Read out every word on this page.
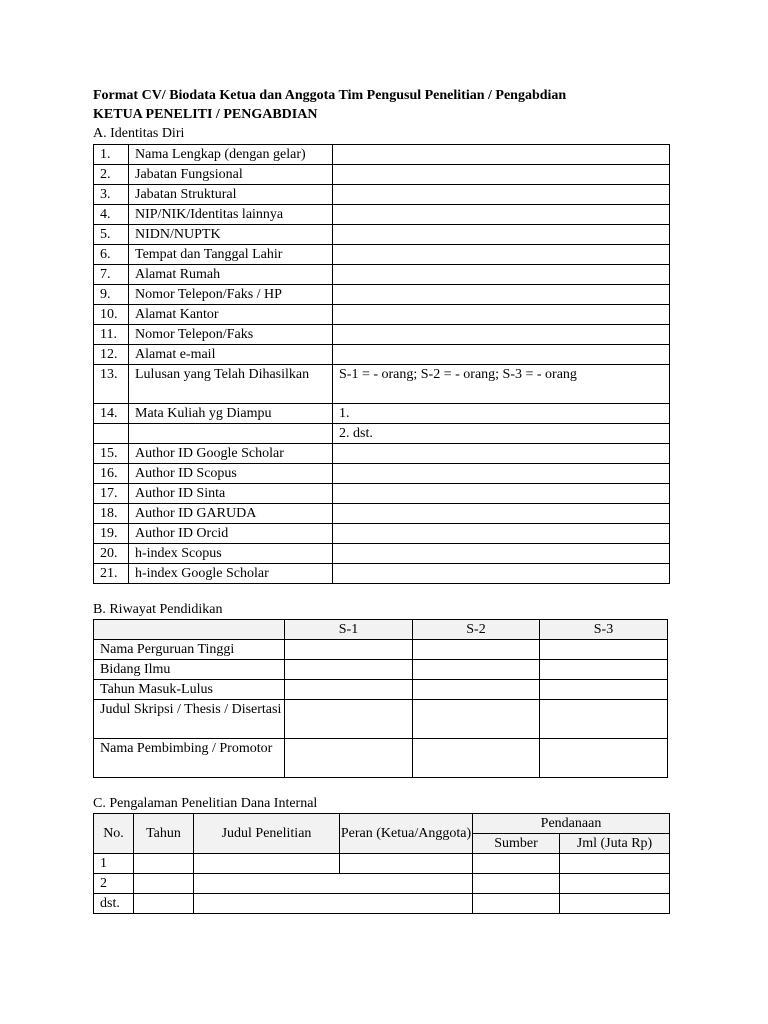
Format CV/ Biodata Ketua dan Anggota Tim Pengusul Penelitian / Pengabdian
KETUA PENELITI / PENGABDIAN
A. Identitas Diri
1.	Nama Lengkap (dengan gelar)	
2.	Jabatan Fungsional	
3.	Jabatan Struktural	
4.	NIP/NIK/Identitas lainnya	
5.	NIDN/NUPTK	
6.	Tempat dan Tanggal Lahir	
7.	Alamat Rumah	
9.	Nomor Telepon/Faks / HP	
10.	Alamat Kantor	
11.	Nomor Telepon/Faks	
12.	Alamat e-mail	
13.	Lulusan yang Telah Dihasilkan	S-1 = - orang; S-2 = - orang; S-3 = - orang
14.	Mata Kuliah yg Diampu	1.
		2. dst.
15.	Author ID Google Scholar	
16.	Author ID Scopus	
17.	Author ID Sinta	
18.	Author ID GARUDA	
19.	Author ID Orcid	
20.	h-index Scopus	
21.	h-index Google Scholar	
B. Riwayat Pendidikan
	S-1	S-2	S-3
Nama Perguruan Tinggi			
Bidang Ilmu			
Tahun Masuk-Lulus			
Judul Skripsi / Thesis / Disertasi			
Nama Pembimbing / Promotor			
C. Pengalaman Penelitian Dana Internal
No.	Tahun	Judul Penelitian	Peran (Ketua/Anggota)	Pendanaan	
				Sumber	Jml (Juta Rp)
1					
2					
dst.					
